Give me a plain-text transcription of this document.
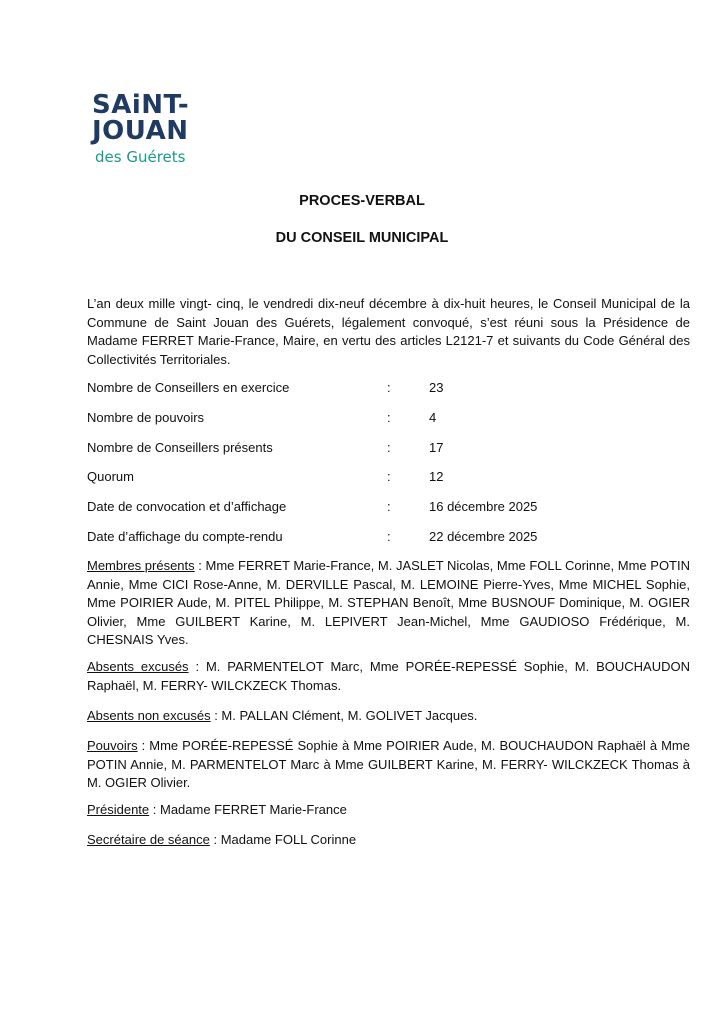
SAiNT-
JOUAN
des Guérets
PROCES-VERBAL
DU CONSEIL MUNICIPAL

L’an deux mille vingt- cinq, le vendredi dix-neuf décembre à dix-huit heures, le Conseil Municipal de la Commune de Saint Jouan des Guérets, légalement convoqué, s’est réuni sous la Présidence de Madame FERRET Marie-France, Maire, en vertu des articles L2121-7 et suivants du Code Général des Collectivités Territoriales.

Nombre de Conseillers en exercice	:	23
Nombre de pouvoirs	:	4
Nombre de Conseillers présents	:	17
Quorum	:	12
Date de convocation et d’affichage	:	16 décembre 2025
Date d’affichage du compte-rendu	:	22 décembre 2025

Membres présents : Mme FERRET Marie-France, M. JASLET Nicolas, Mme FOLL Corinne, Mme POTIN Annie, Mme CICI Rose-Anne, M. DERVILLE Pascal, M. LEMOINE Pierre-Yves, Mme MICHEL Sophie, Mme POIRIER Aude, M. PITEL Philippe, M. STEPHAN Benoît, Mme BUSNOUF Dominique, M. OGIER Olivier, Mme GUILBERT Karine, M. LEPIVERT Jean-Michel, Mme GAUDIOSO Frédérique, M. CHESNAIS Yves.

Absents excusés : M. PARMENTELOT Marc, Mme PORÉE-REPESSÉ Sophie, M. BOUCHAUDON Raphaël, M. FERRY- WILCKZECK Thomas.

Absents non excusés : M. PALLAN Clément, M. GOLIVET Jacques.

Pouvoirs : Mme PORÉE-REPESSÉ Sophie à Mme POIRIER Aude, M. BOUCHAUDON Raphaël à Mme POTIN Annie, M. PARMENTELOT Marc à Mme GUILBERT Karine, M. FERRY- WILCKZECK Thomas à M. OGIER Olivier.

Présidente : Madame FERRET Marie-France

Secrétaire de séance : Madame FOLL Corinne
